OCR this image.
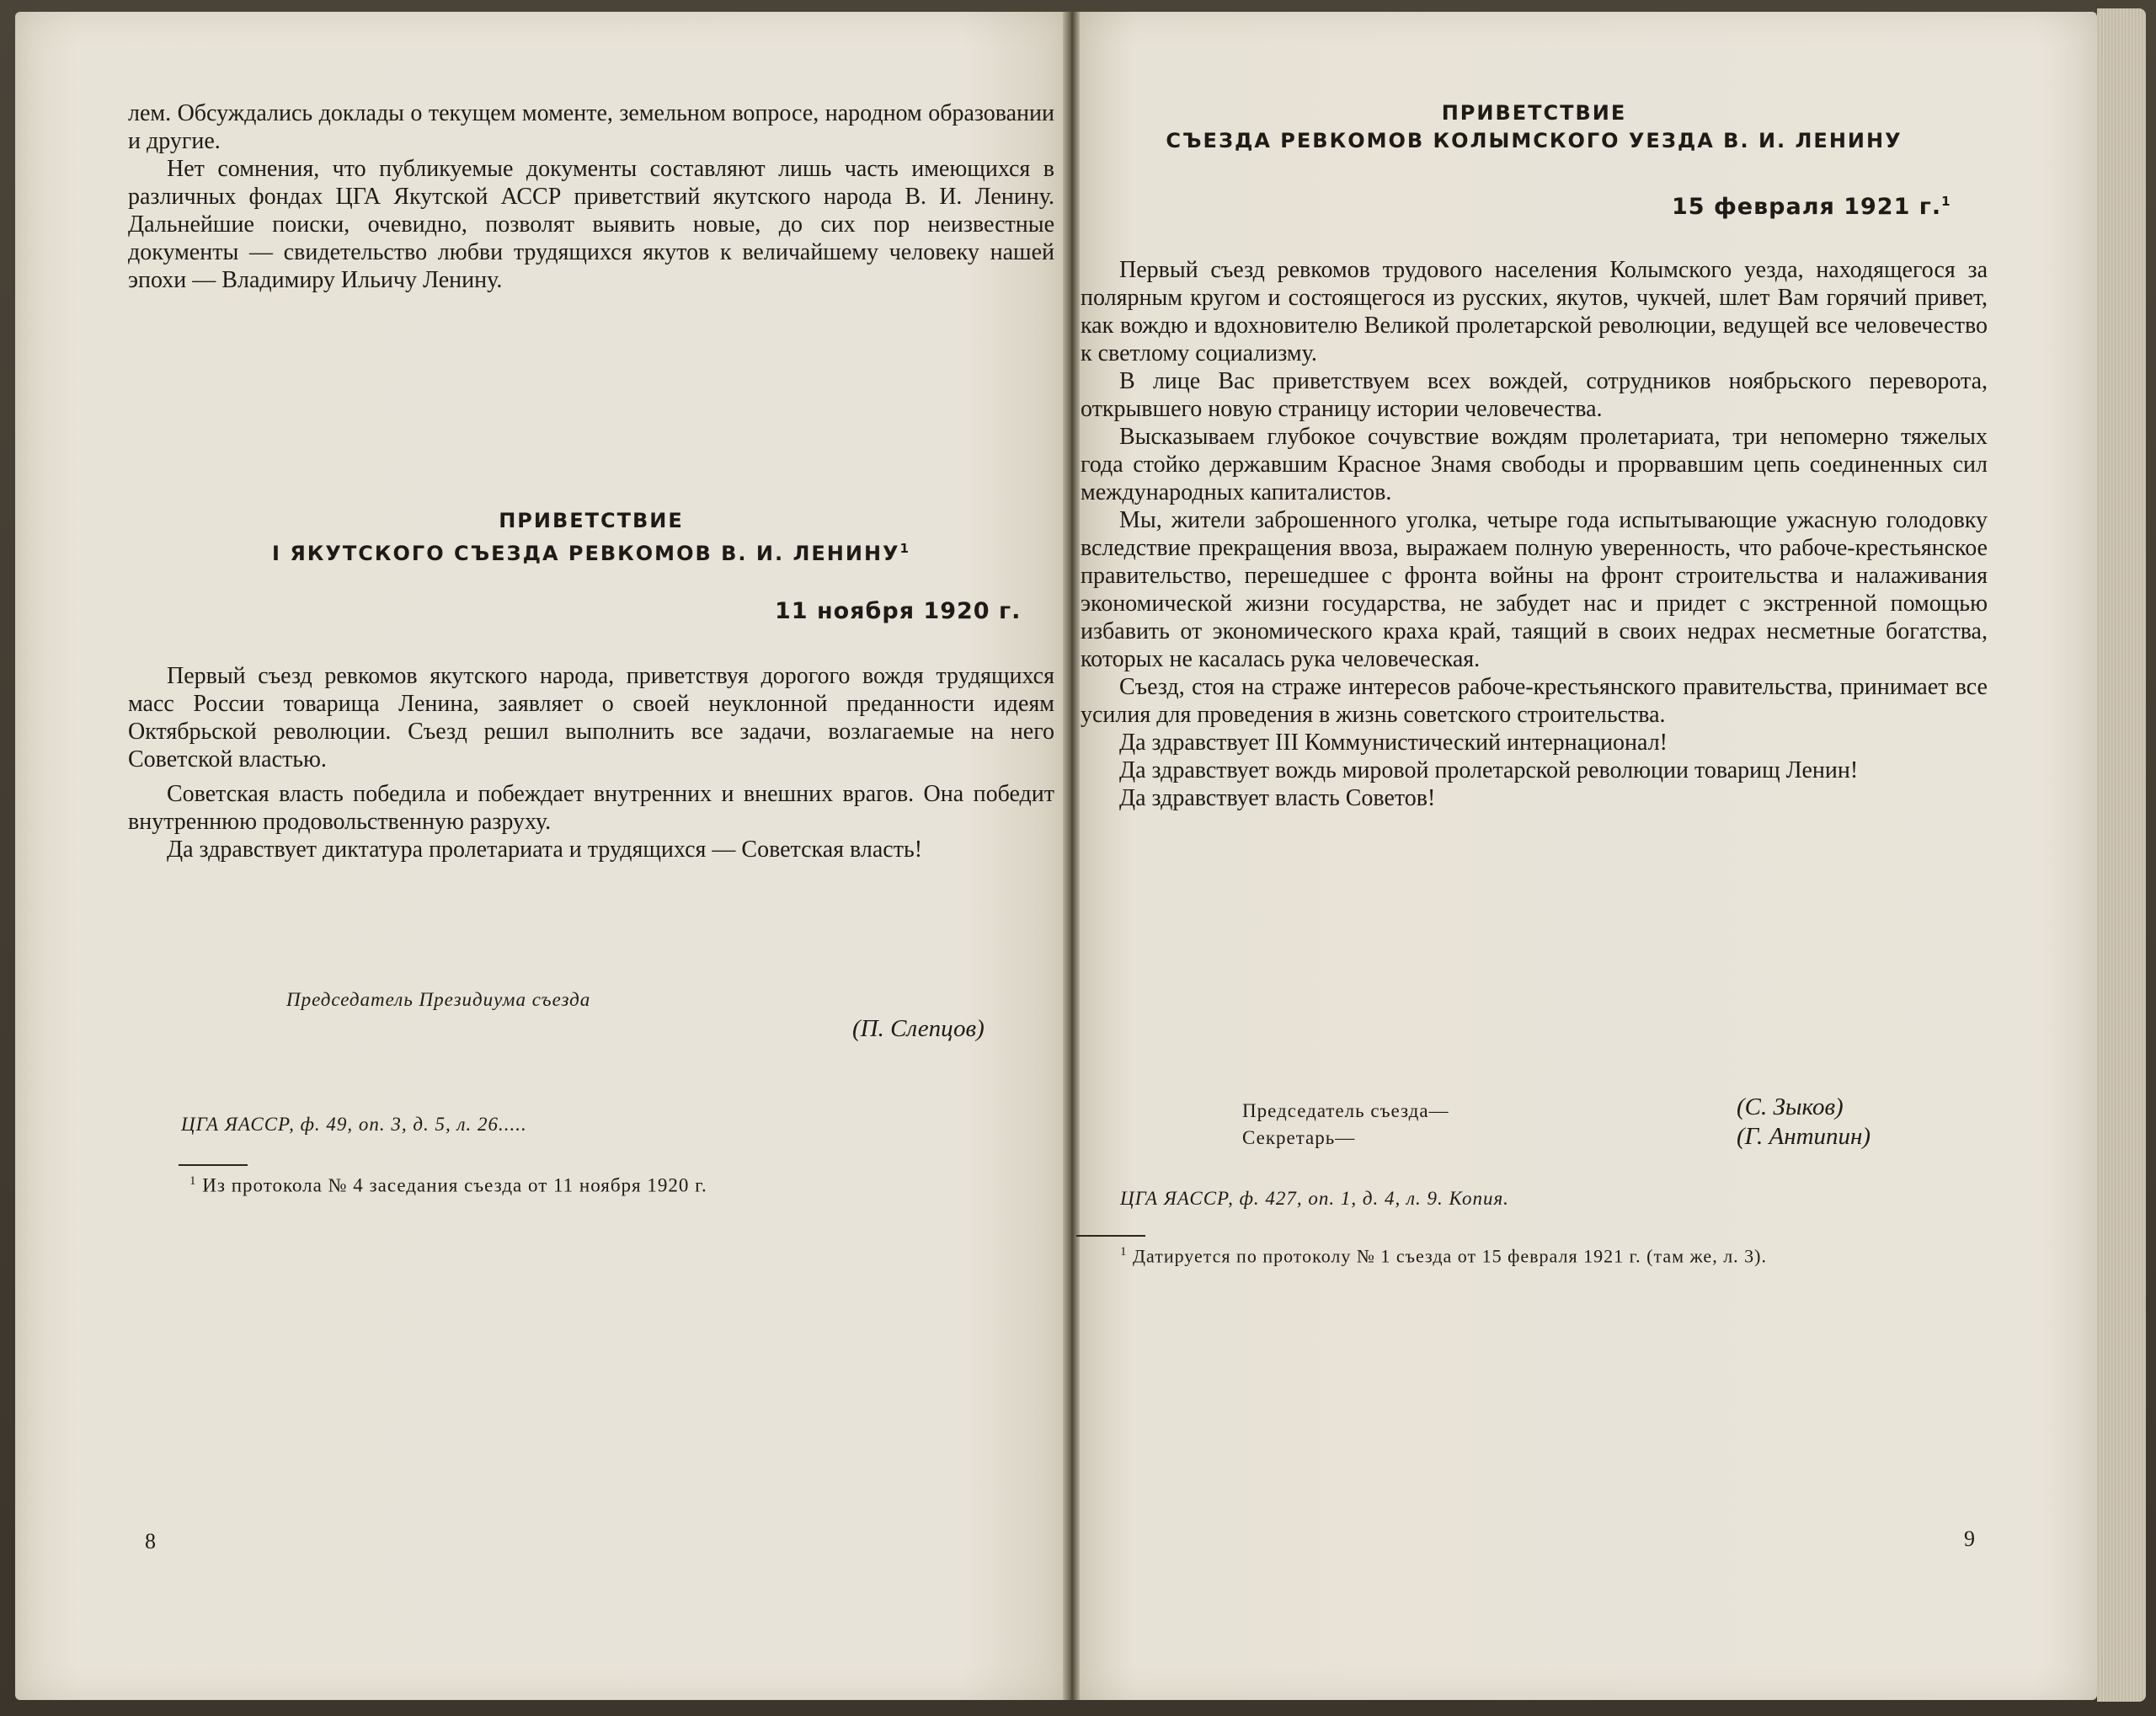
лем. Обсуждались доклады о текущем моменте, земельном вопросе, народном образовании и другие.

Нет сомнения, что публикуемые документы составляют лишь часть имеющихся в различных фондах ЦГА Якутской АССР приветствий якутского народа В. И. Ленину. Дальнейшие поиски, очевидно, позволят выявить новые, до сих пор неизвестные документы — свидетельство любви трудящихся якутов к величайшему человеку нашей эпохи — Владимиру Ильичу Ленину.

ПРИВЕТСТВИЕ
I ЯКУТСКОГО СЪЕЗДА РЕВКОМОВ В. И. ЛЕНИНУ$^1$
11 ноября 1920 г.

Первый съезд ревкомов якутского народа, приветствуя дорогого вождя трудящихся масс России товарища Ленина, заявляет о своей неуклонной преданности идеям Октябрьской революции. Съезд решил выполнить все задачи, возлагаемые на него Советской властью.

Советская власть победила и побеждает внутренних и внешних врагов. Она победит внутреннюю продовольственную разруху.

Да здравствует диктатура пролетариата и трудящихся — Советская власть!

Председатель Президиума съезда
(П. Слепцов)
ЦГА ЯАССР, ф. 49, оп. 3, д. 5, л. 26.....
$^1$ Из протокола № 4 заседания съезда от 11 ноября 1920 г.
8
ПРИВЕТСТВИЕ
СЪЕЗДА РЕВКОМОВ КОЛЫМСКОГО УЕЗДА В. И. ЛЕНИНУ
15 февраля 1921 г.$^1$

Первый съезд ревкомов трудового населения Колымского уезда, находящегося за полярным кругом и состоящегося из русских, якутов, чукчей, шлет Вам горячий привет, как вождю и вдохновителю Великой пролетарской революции, ведущей все человечество к светлому социализму.

В лице Вас приветствуем всех вождей, сотрудников ноябрьского переворота, открывшего новую страницу истории человечества.

Высказываем глубокое сочувствие вождям пролетариата, три непомерно тяжелых года стойко державшим Красное Знамя свободы и прорвавшим цепь соединенных сил международных капиталистов.

Мы, жители заброшенного уголка, четыре года испытывающие ужасную голодовку вследствие прекращения ввоза, выражаем полную уверенность, что рабоче-крестьянское правительство, перешедшее с фронта войны на фронт строительства и налаживания экономической жизни государства, не забудет нас и придет с экстренной помощью избавить от экономического краха край, таящий в своих недрах несметные богатства, которых не касалась рука человеческая.

Съезд, стоя на страже интересов рабоче-крестьянского правительства, принимает все усилия для проведения в жизнь советского строительства.

Да здравствует III Коммунистический интернационал!

Да здравствует вождь мировой пролетарской революции товарищ Ленин!

Да здравствует власть Советов!

Председатель съезда—	(С. Зыков)
Секретарь—	(Г. Антипин)
ЦГА ЯАССР, ф. 427, оп. 1, д. 4, л. 9. Копия.
$^1$ Датируется по протоколу № 1 съезда от 15 февраля 1921 г. (там же, л. 3).
9
